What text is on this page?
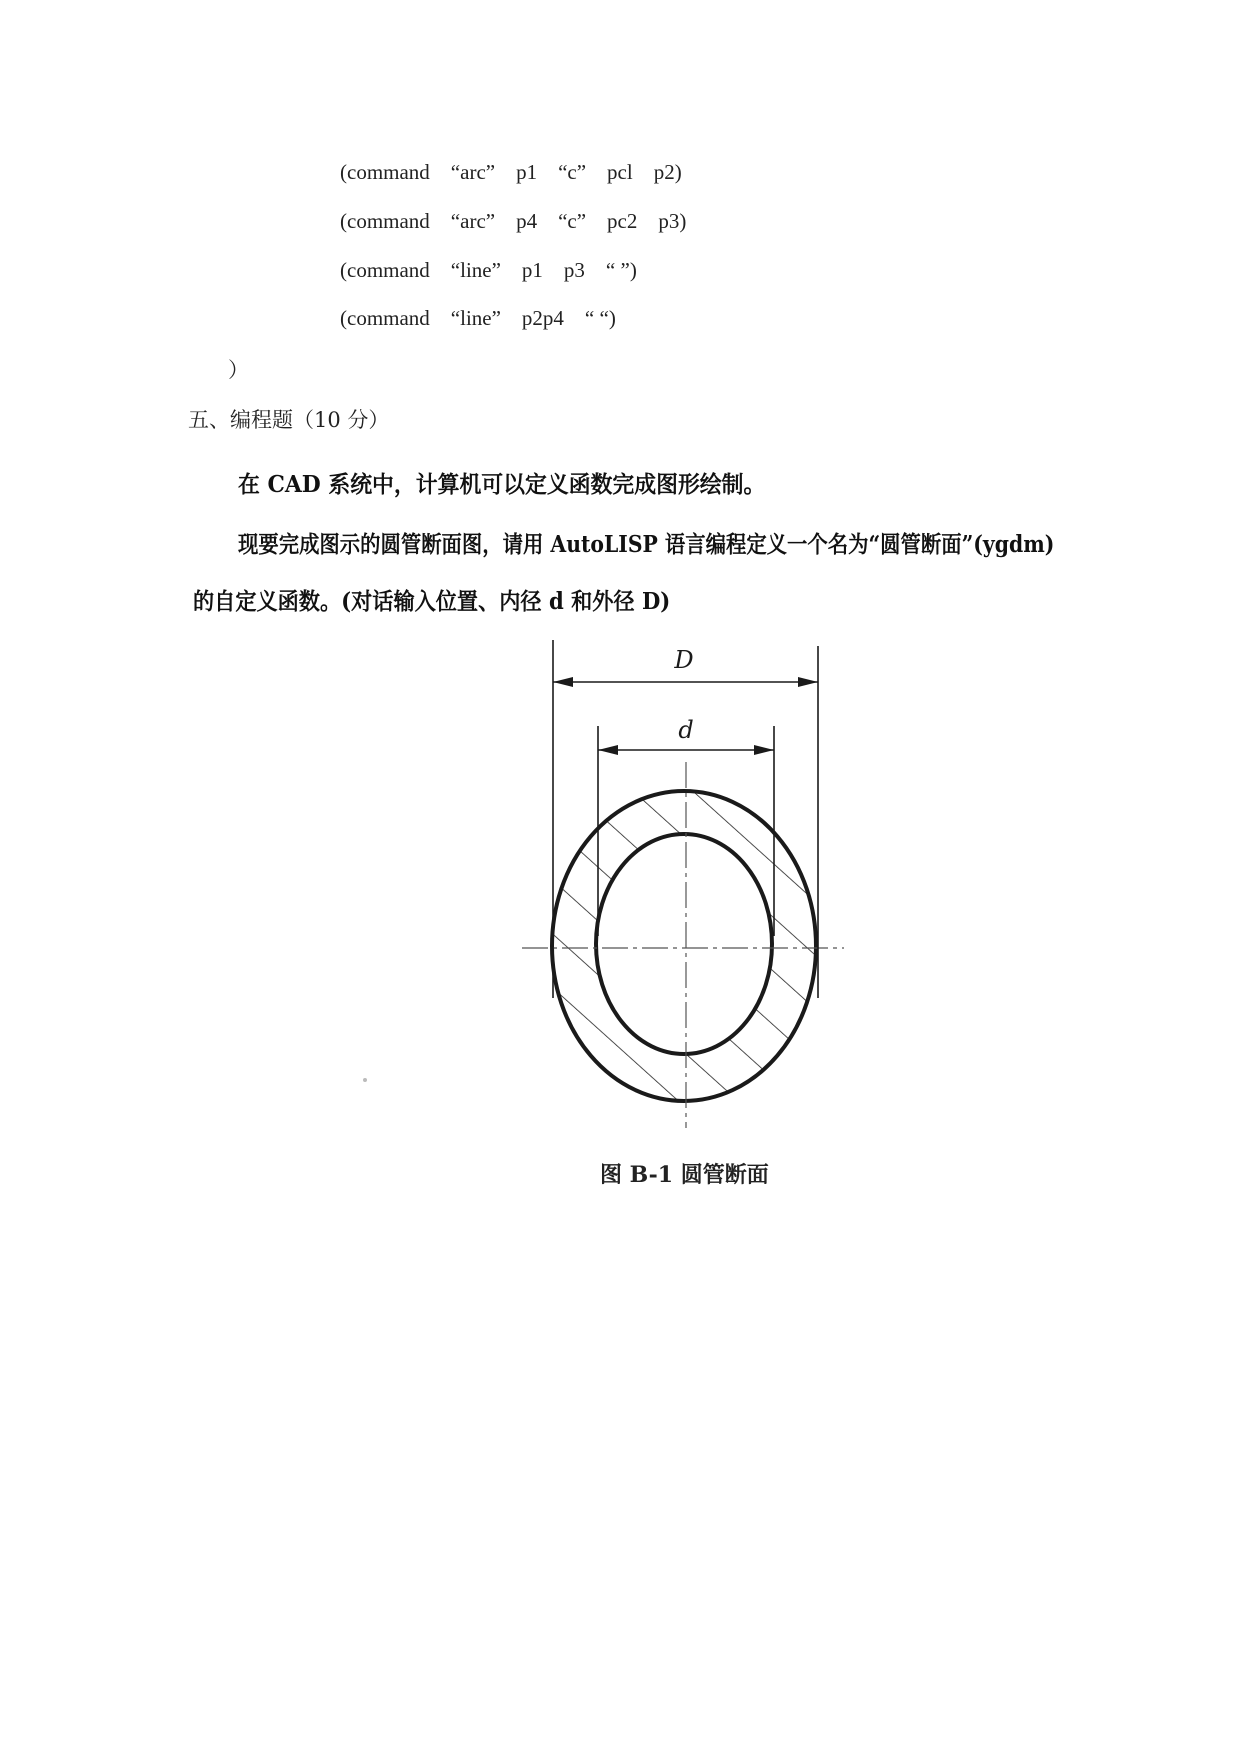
(command    “arc”    p1    “c”    pcl    p2)
(command    “arc”    p4    “c”    pc2    p3)
(command    “line”    p1    p3    “ ”)
(command    “line”    p2p4    “ “)
）
五、编程题（10 分）
在 CAD 系统中，计算机可以定义函数完成图形绘制。
现要完成图示的圆管断面图，请用 AutoLISP 语言编程定义一个名为“圆管断面”(ygdm)
的自定义函数。(对话输入位置、内径 d 和外径 D)
D
d
图 B-1 圆管断面
